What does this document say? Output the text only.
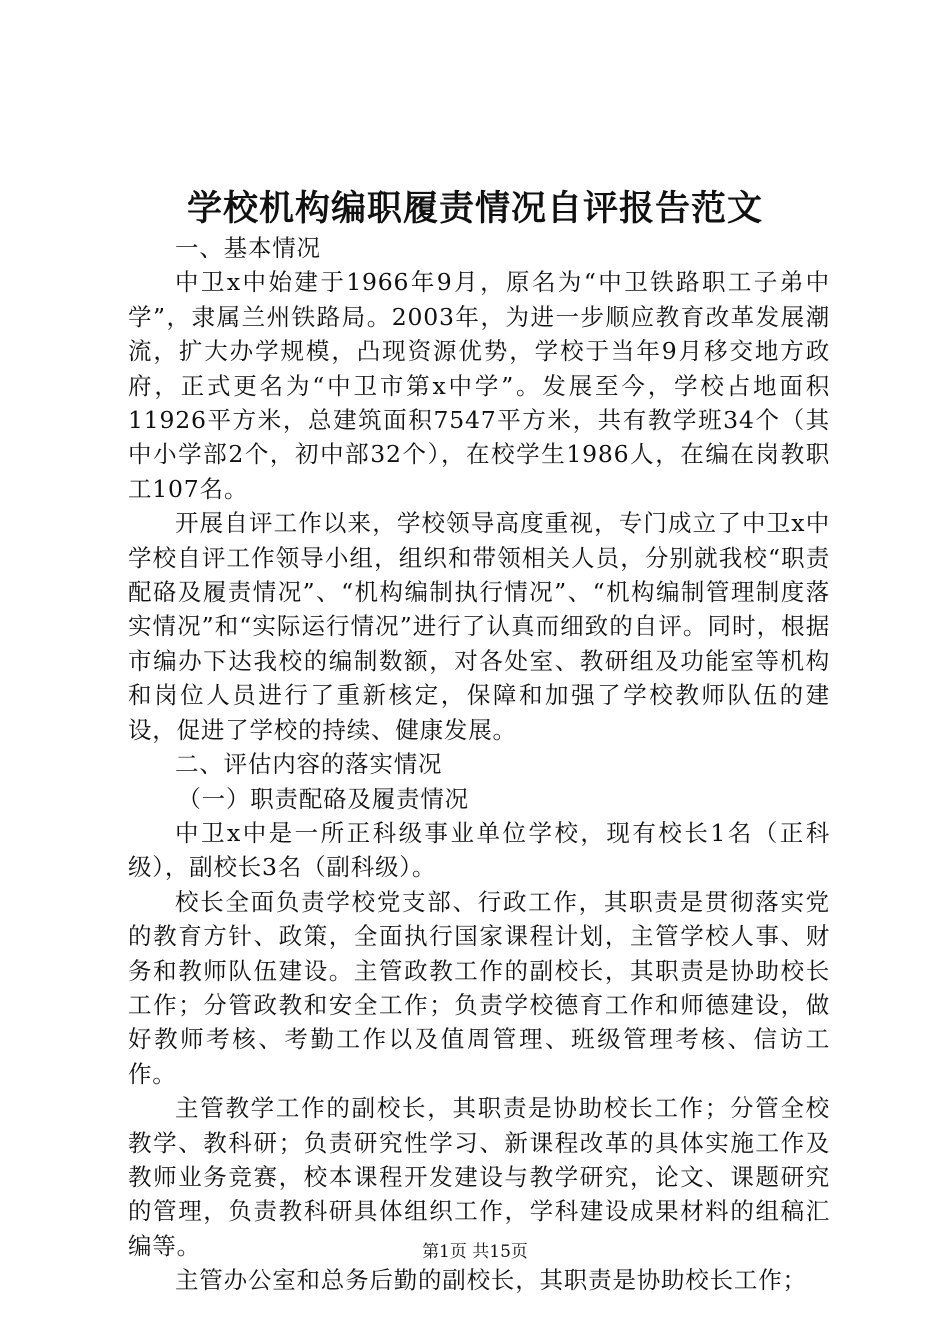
学校机构编职履责情况自评报告范文

一、基本情况

中卫x中始建于1966年9月，原名为“中卫铁路职工子弟中学”，隶属兰州铁路局。2003年，为进一步顺应教育改革发展潮流，扩大办学规模，凸现资源优势，学校于当年9月移交地方政府，正式更名为“中卫市第x中学”。发展至今，学校占地面积11926平方米，总建筑面积7547平方米，共有教学班34个（其中小学部2个，初中部32个），在校学生1986人，在编在岗教职工107名。

开展自评工作以来，学校领导高度重视，专门成立了中卫x中学校自评工作领导小组，组织和带领相关人员，分别就我校“职责配硌及履责情况”、“机构编制执行情况”、“机构编制管理制度落实情况”和“实际运行情况”进行了认真而细致的自评。同时，根据市编办下达我校的编制数额，对各处室、教研组及功能室等机构和岗位人员进行了重新核定，保障和加强了学校教师队伍的建设，促进了学校的持续、健康发展。

二、评估内容的落实情况

（一）职责配硌及履责情况

中卫x中是一所正科级事业单位学校，现有校长1名（正科级），副校长3名（副科级）。

校长全面负责学校党支部、行政工作，其职责是贯彻落实党的教育方针、政策，全面执行国家课程计划，主管学校人事、财务和教师队伍建设。主管政教工作的副校长，其职责是协助校长工作；分管政教和安全工作；负责学校德育工作和师德建设，做好教师考核、考勤工作以及值周管理、班级管理考核、信访工作。

主管教学工作的副校长，其职责是协助校长工作；分管全校教学、教科研；负责研究性学习、新课程改革的具体实施工作及教师业务竞赛，校本课程开发建设与教学研究，论文、课题研究的管理，负责教科研具体组织工作，学科建设成果材料的组稿汇编等。

主管办公室和总务后勤的副校长，其职责是协助校长工作；

第1页 共15页
